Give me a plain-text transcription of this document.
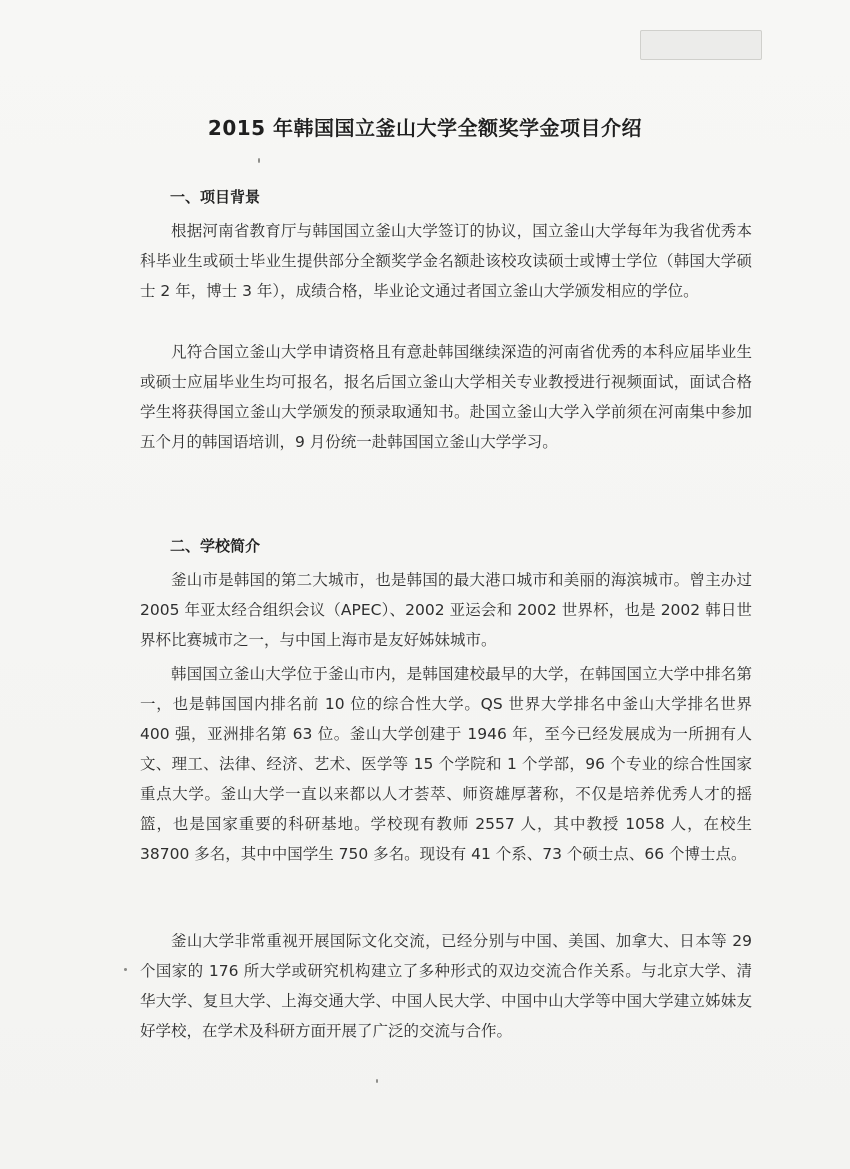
2015 年韩国国立釜山大学全额奖学金项目介绍
一、项目背景
根据河南省教育厅与韩国国立釜山大学签订的协议，国立釜山大学每年为我省优秀本科毕业生或硕士毕业生提供部分全额奖学金名额赴该校攻读硕士或博士学位（韩国大学硕士 2 年，博士 3 年），成绩合格，毕业论文通过者国立釜山大学颁发相应的学位。
凡符合国立釜山大学申请资格且有意赴韩国继续深造的河南省优秀的本科应届毕业生或硕士应届毕业生均可报名，报名后国立釜山大学相关专业教授进行视频面试，面试合格学生将获得国立釜山大学颁发的预录取通知书。赴国立釜山大学入学前须在河南集中参加五个月的韩国语培训，9 月份统一赴韩国国立釜山大学学习。
二、学校简介
釜山市是韩国的第二大城市，也是韩国的最大港口城市和美丽的海滨城市。曾主办过 2005 年亚太经合组织会议（APEC）、2002 亚运会和 2002 世界杯，也是 2002 韩日世界杯比赛城市之一，与中国上海市是友好姊妹城市。
韩国国立釜山大学位于釜山市内，是韩国建校最早的大学，在韩国国立大学中排名第一，也是韩国国内排名前 10 位的综合性大学。QS 世界大学排名中釜山大学排名世界 400 强，亚洲排名第 63 位。釜山大学创建于 1946 年，至今已经发展成为一所拥有人文、理工、法律、经济、艺术、医学等 15 个学院和 1 个学部，96 个专业的综合性国家重点大学。釜山大学一直以来都以人才荟萃、师资雄厚著称，不仅是培养优秀人才的摇篮，也是国家重要的科研基地。学校现有教师 2557 人，其中教授 1058 人，在校生 38700 多名，其中中国学生 750 多名。现设有 41 个系、73 个硕士点、66 个博士点。
釜山大学非常重视开展国际文化交流，已经分别与中国、美国、加拿大、日本等 29 个国家的 176 所大学或研究机构建立了多种形式的双边交流合作关系。与北京大学、清华大学、复旦大学、上海交通大学、中国人民大学、中国中山大学等中国大学建立姊妹友好学校，在学术及科研方面开展了广泛的交流与合作。
